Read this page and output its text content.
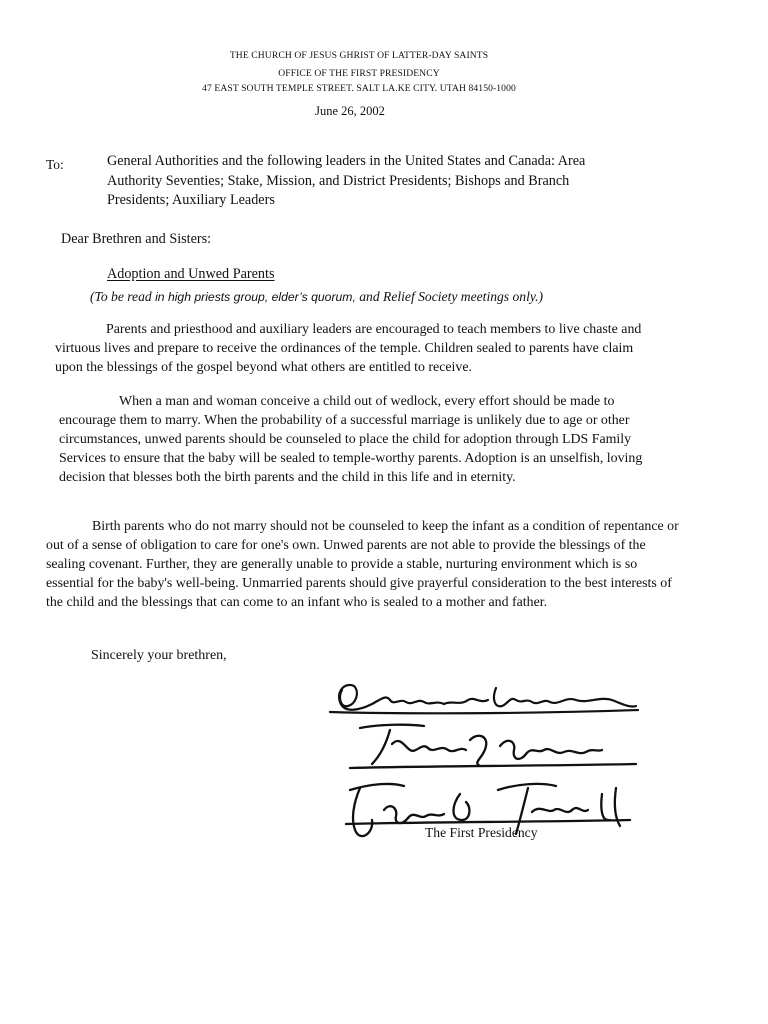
THE CHURCH OF JESUS GHRIST OF LATTER-DAY SAINTS
OFFICE OF THE FIRST PRESIDENCY
47 EAST SOUTH TEMPLE STREET. SALT LA.KE CITY. UTAH 84150-1000
June 26, 2002
To:	General Authorities and the following leaders in the United States and Canada: Area Authority Seventies; Stake, Mission, and District Presidents; Bishops and Branch Presidents; Auxiliary Leaders
Dear Brethren and Sisters:
Adoption and Unwed Parents
(To be read in high priests group, elder’s quorum, and Relief Society meetings only.)
Parents and priesthood and auxiliary leaders are encouraged to teach members to live chaste and virtuous lives and prepare to receive the ordinances of the temple. Children sealed to parents have claim upon the blessings of the gospel beyond what others are entitled to receive.
When a man and woman conceive a child out of wedlock, every effort should be made to encourage them to marry. When the probability of a successful marriage is unlikely due to age or other circumstances, unwed parents should be counseled to place the child for adoption through LDS Family Services to ensure that the baby will be sealed to temple-worthy parents. Adoption is an unselfish, loving decision that blesses both the birth parents and the child in this life and in eternity.
Birth parents who do not marry should not be counseled to keep the infant as a condition of repentance or out of a sense of obligation to care for one's own. Unwed parents are not able to provide the blessings of the sealing covenant. Further, they are generally unable to provide a stable, nurturing environment which is so essential for the baby's well-being. Unmarried parents should give prayerful consideration to the best interests of the child and the blessings that can come to an infant who is sealed to a mother and father.
Sincerely your brethren,
The First Presidency
